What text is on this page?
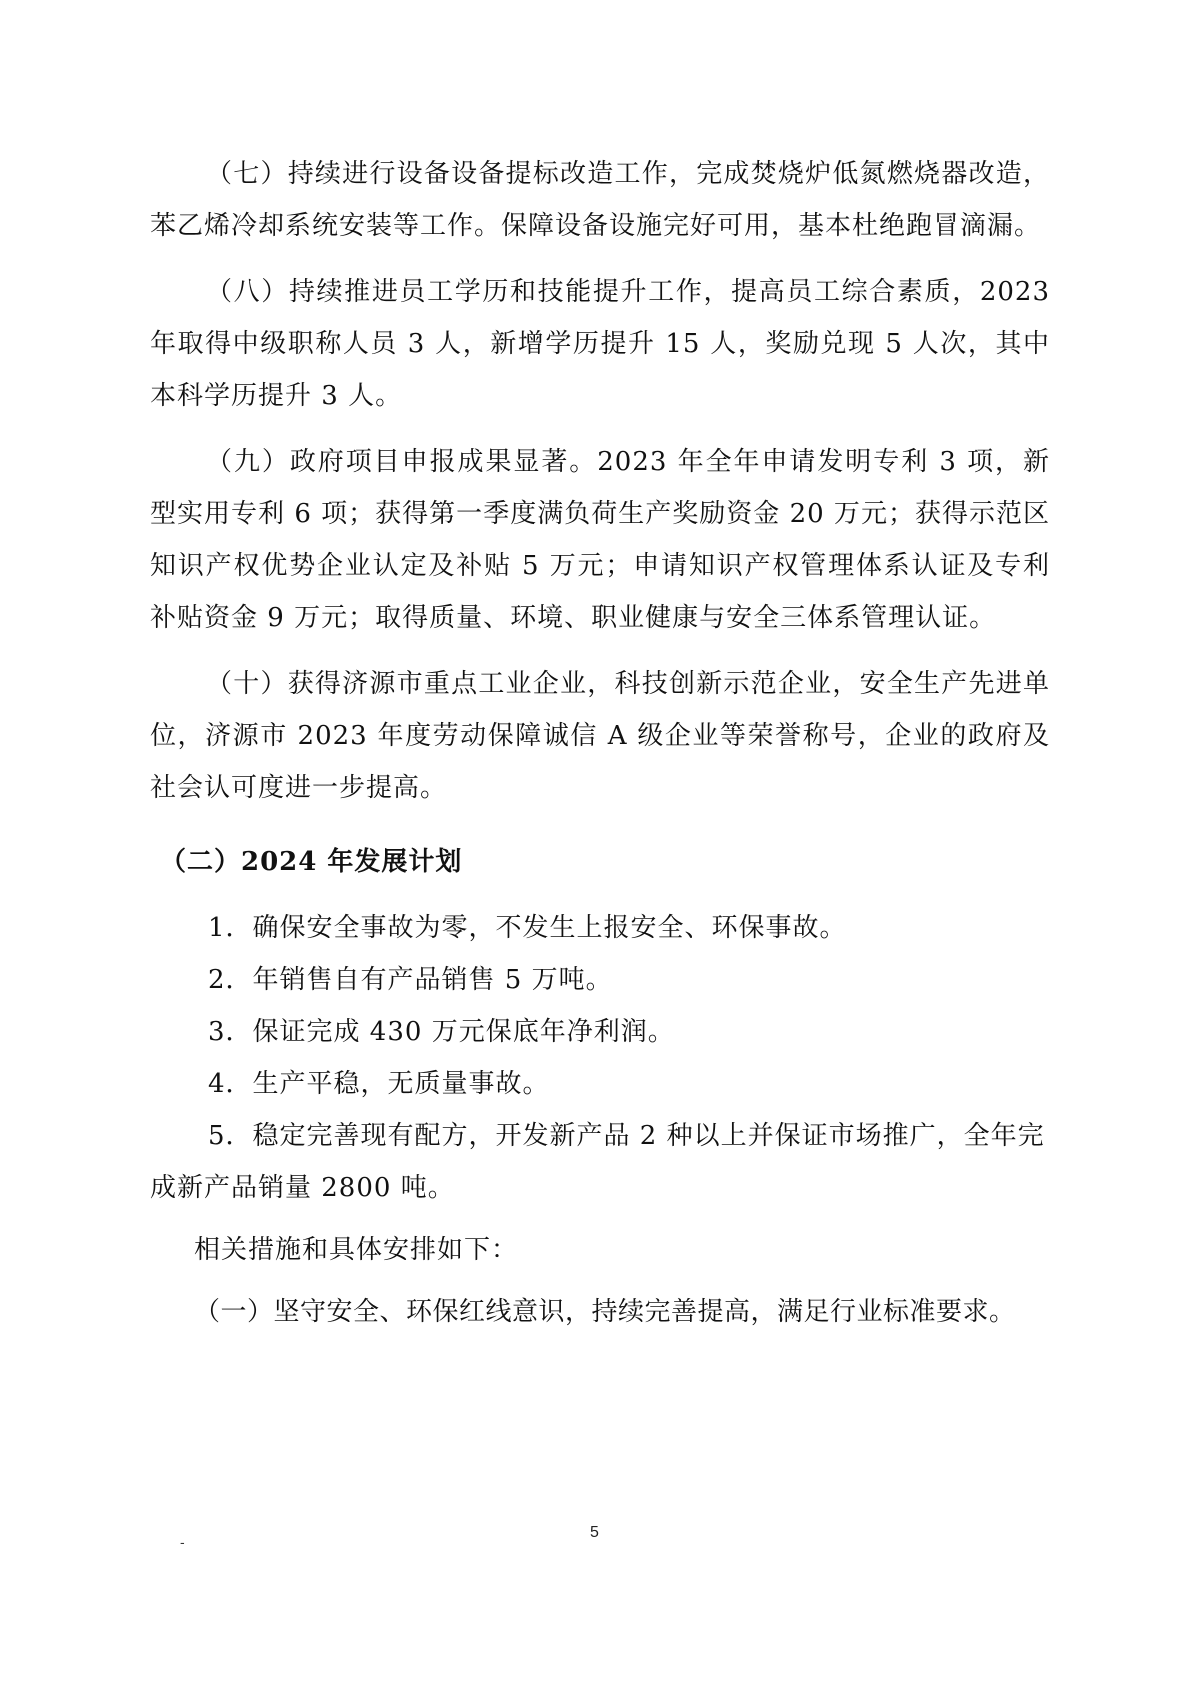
（七）持续进行设备设备提标改造工作，完成焚烧炉低氮燃烧器改造，苯乙烯冷却系统安装等工作。保障设备设施完好可用，基本杜绝跑冒滴漏。

（八）持续推进员工学历和技能提升工作，提高员工综合素质，2023年取得中级职称人员 3 人，新增学历提升 15 人，奖励兑现 5 人次，其中本科学历提升 3 人。

（九）政府项目申报成果显著。2023 年全年申请发明专利 3 项，新型实用专利 6 项；获得第一季度满负荷生产奖励资金 20 万元；获得示范区知识产权优势企业认定及补贴 5 万元；申请知识产权管理体系认证及专利补贴资金 9 万元；取得质量、环境、职业健康与安全三体系管理认证。

（十）获得济源市重点工业企业，科技创新示范企业，安全生产先进单位，济源市 2023 年度劳动保障诚信 A 级企业等荣誉称号，企业的政府及社会认可度进一步提高。

（二）2024 年发展计划

1．确保安全事故为零，不发生上报安全、环保事故。

2．年销售自有产品销售 5 万吨。

3．保证完成 430 万元保底年净利润。

4．生产平稳，无质量事故。

5．稳定完善现有配方，开发新产品 2 种以上并保证市场推广，全年完成新产品销量 2800 吨。

相关措施和具体安排如下：

（一）坚守安全、环保红线意识，持续完善提高，满足行业标准要求。

-
5
